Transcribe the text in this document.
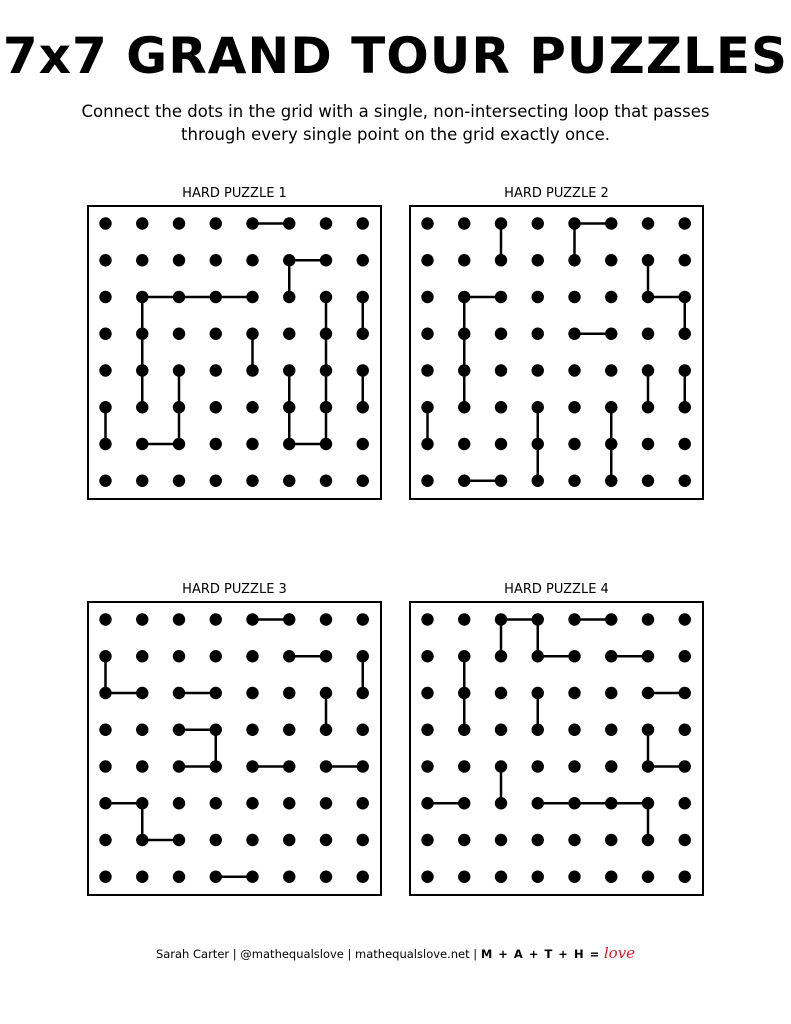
7x7 GRAND TOUR PUZZLES
Connect the dots in the grid with a single, non-intersecting loop that passes through every single point on the grid exactly once.
HARD PUZZLE 1	HARD PUZZLE 2
HARD PUZZLE 3	HARD PUZZLE 4
Sarah Carter | @mathequalslove | mathequalslove.net | M + A + T + H = love
